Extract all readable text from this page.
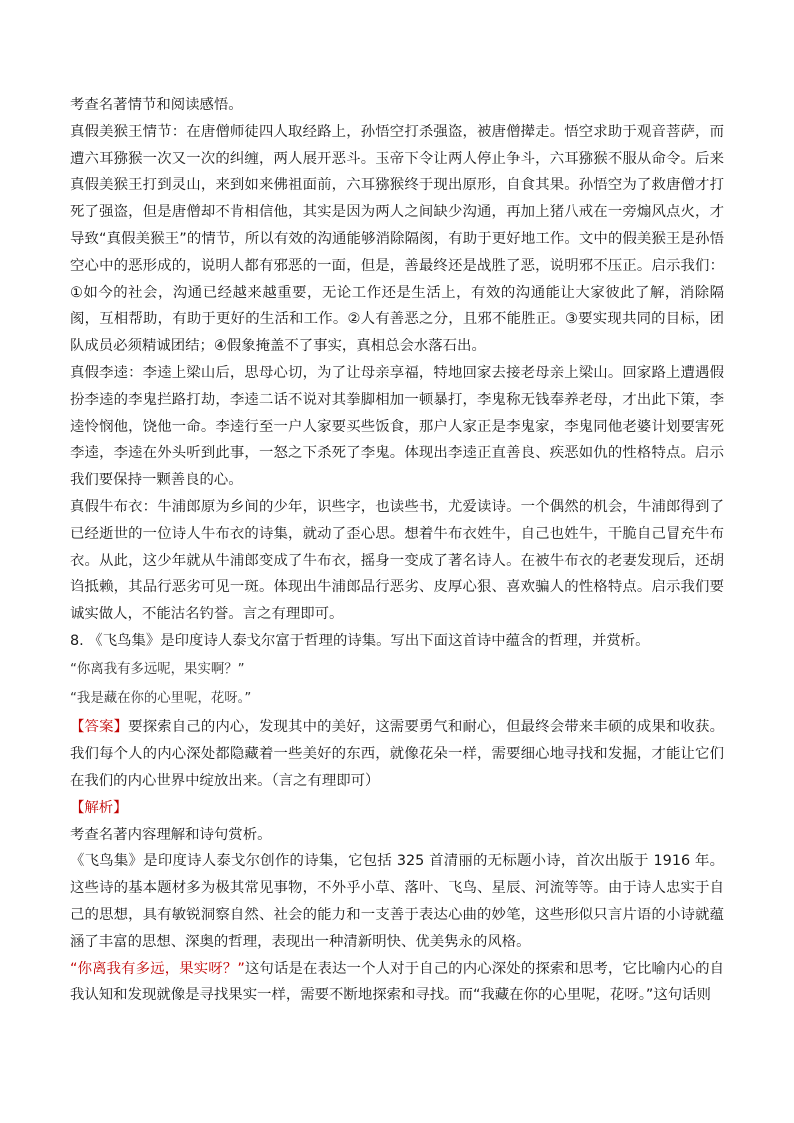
考查名著情节和阅读感悟。

真假美猴王情节：在唐僧师徒四人取经路上，孙悟空打杀强盗，被唐僧撵走。悟空求助于观音菩萨，而遭六耳猕猴一次又一次的纠缠，两人展开恶斗。玉帝下令让两人停止争斗，六耳猕猴不服从命令。后来真假美猴王打到灵山，来到如来佛祖面前，六耳猕猴终于现出原形，自食其果。孙悟空为了救唐僧才打死了强盗，但是唐僧却不肯相信他，其实是因为两人之间缺少沟通，再加上猪八戒在一旁煽风点火，才导致“真假美猴王”的情节，所以有效的沟通能够消除隔阂，有助于更好地工作。文中的假美猴王是孙悟空心中的恶形成的，说明人都有邪恶的一面，但是，善最终还是战胜了恶，说明邪不压正。启示我们：①如今的社会，沟通已经越来越重要，无论工作还是生活上，有效的沟通能让大家彼此了解，消除隔阂，互相帮助，有助于更好的生活和工作。②人有善恶之分，且邪不能胜正。③要实现共同的目标，团队成员必须精诚团结；④假象掩盖不了事实，真相总会水落石出。

真假李逵：李逵上梁山后，思母心切，为了让母亲享福，特地回家去接老母亲上梁山。回家路上遭遇假扮李逵的李鬼拦路打劫，李逵二话不说对其拳脚相加一顿暴打，李鬼称无钱奉养老母，才出此下策，李逵怜悯他，饶他一命。李逵行至一户人家要买些饭食，那户人家正是李鬼家，李鬼同他老婆计划要害死李逵，李逵在外头听到此事，一怒之下杀死了李鬼。体现出李逵正直善良、疾恶如仇的性格特点。启示我们要保持一颗善良的心。

真假牛布衣：牛浦郎原为乡间的少年，识些字，也读些书，尤爱读诗。一个偶然的机会，牛浦郎得到了已经逝世的一位诗人牛布衣的诗集，就动了歪心思。想着牛布衣姓牛，自己也姓牛，干脆自己冒充牛布衣。从此，这少年就从牛浦郎变成了牛布衣，摇身一变成了著名诗人。在被牛布衣的老妻发现后，还胡诌抵赖，其品行恶劣可见一斑。体现出牛浦郎品行恶劣、皮厚心狠、喜欢骗人的性格特点。启示我们要诚实做人，不能沽名钓誉。言之有理即可。

8. 《飞鸟集》是印度诗人泰戈尔富于哲理的诗集。写出下面这首诗中蕴含的哲理，并赏析。

“你离我有多远呢，果实啊？”

“我是藏在你的心里呢，花呀。”

【答案】要探索自己的内心，发现其中的美好，这需要勇气和耐心，但最终会带来丰硕的成果和收获。我们每个人的内心深处都隐藏着一些美好的东西，就像花朵一样，需要细心地寻找和发掘，才能让它们在我们的内心世界中绽放出来。（言之有理即可）

【解析】

考查名著内容理解和诗句赏析。

《飞鸟集》是印度诗人泰戈尔创作的诗集，它包括 325 首清丽的无标题小诗，首次出版于 1916 年。这些诗的基本题材多为极其常见事物，不外乎小草、落叶、飞鸟、星辰、河流等等。由于诗人忠实于自己的思想，具有敏锐洞察自然、社会的能力和一支善于表达心曲的妙笔，这些形似只言片语的小诗就蕴涵了丰富的思想、深奥的哲理，表现出一种清新明快、优美隽永的风格。

“你离我有多远，果实呀？”这句话是在表达一个人对于自己的内心深处的探索和思考，它比喻内心的自我认知和发现就像是寻找果实一样，需要不断地探索和寻找。而“我藏在你的心里呢，花呀。”这句话则
